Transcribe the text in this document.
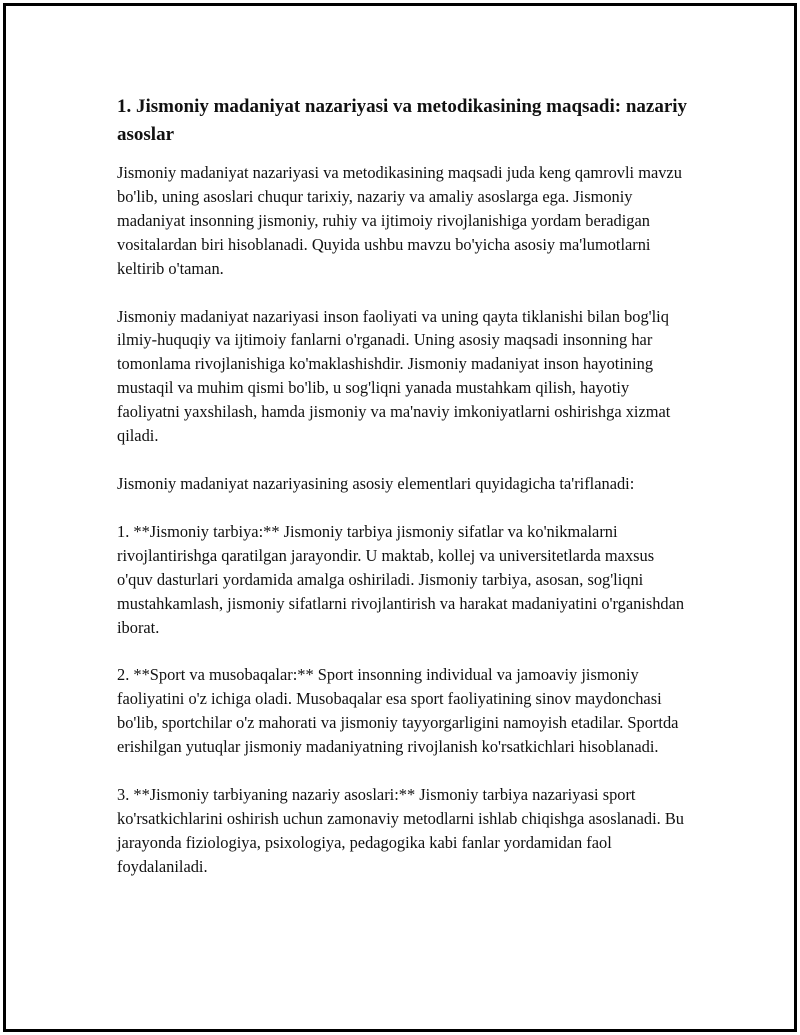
1. Jismoniy madaniyat nazariyasi va metodikasining maqsadi: nazariy asoslar

Jismoniy madaniyat nazariyasi va metodikasining maqsadi juda keng qamrovli mavzu bo'lib, uning asoslari chuqur tarixiy, nazariy va amaliy asoslarga ega. Jismoniy madaniyat insonning jismoniy, ruhiy va ijtimoiy rivojlanishiga yordam beradigan vositalardan biri hisoblanadi. Quyida ushbu mavzu bo'yicha asosiy ma'lumotlarni keltirib o'taman.

Jismoniy madaniyat nazariyasi inson faoliyati va uning qayta tiklanishi bilan bog'liq ilmiy-huquqiy va ijtimoiy fanlarni o'rganadi. Uning asosiy maqsadi insonning har tomonlama rivojlanishiga ko'maklashishdir. Jismoniy madaniyat inson hayotining mustaqil va muhim qismi bo'lib, u sog'liqni yanada mustahkam qilish, hayotiy faoliyatni yaxshilash, hamda jismoniy va ma'naviy imkoniyatlarni oshirishga xizmat qiladi.

Jismoniy madaniyat nazariyasining asosiy elementlari quyidagicha ta'riflanadi:

1. **Jismoniy tarbiya:** Jismoniy tarbiya jismoniy sifatlar va ko'nikmalarni rivojlantirishga qaratilgan jarayondir. U maktab, kollej va universitetlarda maxsus o'quv dasturlari yordamida amalga oshiriladi. Jismoniy tarbiya, asosan, sog'liqni mustahkamlash, jismoniy sifatlarni rivojlantirish va harakat madaniyatini o'rganishdan iborat.

2. **Sport va musobaqalar:** Sport insonning individual va jamoaviy jismoniy faoliyatini o'z ichiga oladi. Musobaqalar esa sport faoliyatining sinov maydonchasi bo'lib, sportchilar o'z mahorati va jismoniy tayyorgarligini namoyish etadilar. Sportda erishilgan yutuqlar jismoniy madaniyatning rivojlanish ko'rsatkichlari hisoblanadi.

3. **Jismoniy tarbiyaning nazariy asoslari:** Jismoniy tarbiya nazariyasi sport ko'rsatkichlarini oshirish uchun zamonaviy metodlarni ishlab chiqishga asoslanadi. Bu jarayonda fiziologiya, psixologiya, pedagogika kabi fanlar yordamidan faol foydalaniladi.
